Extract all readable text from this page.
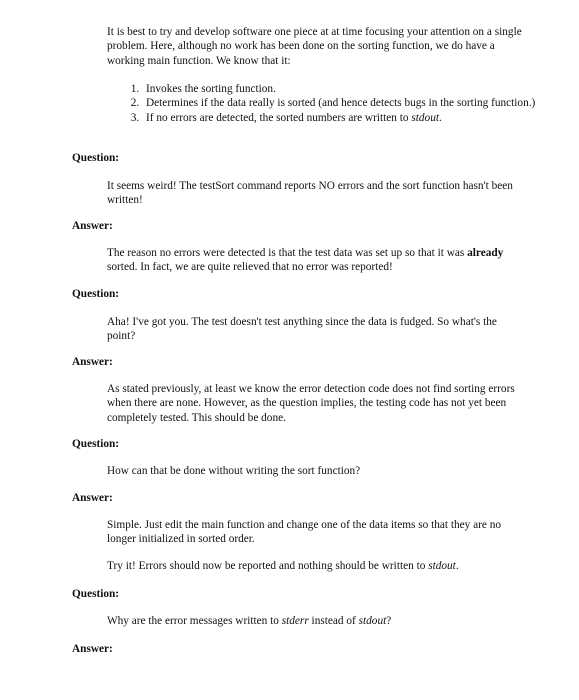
It is best to try and develop software one piece at at time focusing your attention on a single problem. Here, although no work has been done on the sorting function, we do have a working main function. We know that it:

1. Invokes the sorting function.
2. Determines if the data really is sorted (and hence detects bugs in the sorting function.)
3. If no errors are detected, the sorted numbers are written to stdout.

Question:

It seems weird! The testSort command reports NO errors and the sort function hasn't been written!

Answer:

The reason no errors were detected is that the test data was set up so that it was already sorted. In fact, we are quite relieved that no error was reported!

Question:

Aha! I've got you. The test doesn't test anything since the data is fudged. So what's the point?

Answer:

As stated previously, at least we know the error detection code does not find sorting errors when there are none. However, as the question implies, the testing code has not yet been completely tested. This should be done.

Question:

How can that be done without writing the sort function?

Answer:

Simple. Just edit the main function and change one of the data items so that they are no longer initialized in sorted order.

Try it! Errors should now be reported and nothing should be written to stdout.

Question:

Why are the error messages written to stderr instead of stdout?

Answer:
